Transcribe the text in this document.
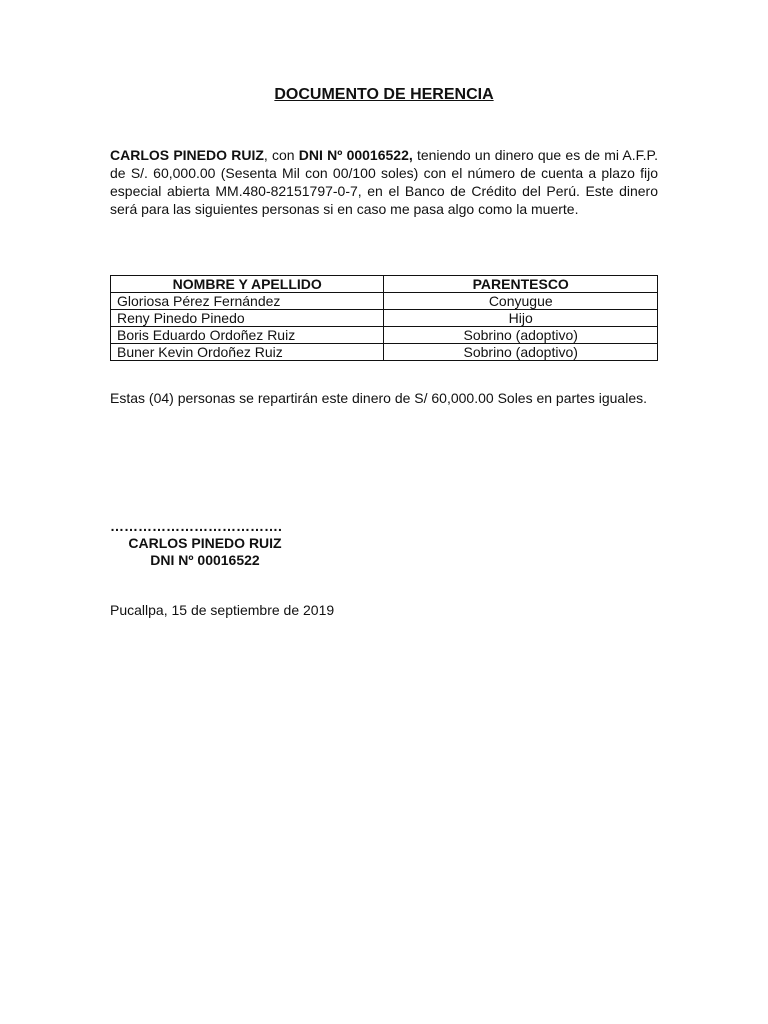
DOCUMENTO DE HERENCIA

CARLOS PINEDO RUIZ, con DNI Nº 00016522, teniendo un dinero que es de mi A.F.P. de S/. 60,000.00 (Sesenta Mil con 00/100 soles) con el número de cuenta a plazo fijo especial abierta MM.480-82151797-0-7, en el Banco de Crédito del Perú. Este dinero será para las siguientes personas si en caso me pasa algo como la muerte.

NOMBRE Y APELLIDO	PARENTESCO
Gloriosa Pérez Fernández	Conyugue
Reny Pinedo Pinedo	Hijo
Boris Eduardo Ordoñez Ruiz	Sobrino (adoptivo)
Buner Kevin Ordoñez Ruiz	Sobrino (adoptivo)

Estas (04) personas se repartirán este dinero de S/ 60,000.00 Soles en partes iguales.

……………………………….
CARLOS PINEDO RUIZ
DNI Nº 00016522
Pucallpa, 15 de septiembre de 2019
